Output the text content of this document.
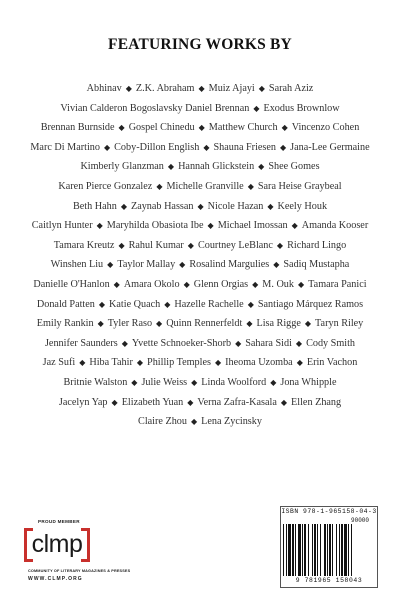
FEATURING WORKS BY
Abhinav ◆ Z.K. Abraham ◆ Muiz Ajayi ◆ Sarah Aziz
Vivian Calderon Bogoslavsky Daniel Brennan ◆ Exodus Brownlow
Brennan Burnside ◆ Gospel Chinedu ◆ Matthew Church ◆ Vincenzo Cohen
Marc Di Martino ◆ Coby-Dillon English ◆ Shauna Friesen ◆ Jana-Lee Germaine
Kimberly Glanzman ◆ Hannah Glickstein ◆ Shee Gomes
Karen Pierce Gonzalez ◆ Michelle Granville ◆ Sara Heise Graybeal
Beth Hahn ◆ Zaynab Hassan ◆ Nicole Hazan ◆ Keely Houk
Caitlyn Hunter ◆ Maryhilda Obasiota Ibe ◆ Michael Imossan ◆ Amanda Kooser
Tamara Kreutz ◆ Rahul Kumar ◆ Courtney LeBlanc ◆ Richard Lingo
Winshen Liu ◆ Taylor Mallay ◆ Rosalind Margulies ◆ Sadiq Mustapha
Danielle O'Hanlon ◆ Amara Okolo ◆ Glenn Orgias ◆ M. Ouk ◆ Tamara Panici
Donald Patten ◆ Katie Quach ◆ Hazelle Rachelle ◆ Santiago Márquez Ramos
Emily Rankin ◆ Tyler Raso ◆ Quinn Rennerfeldt ◆ Lisa Rigge ◆ Taryn Riley
Jennifer Saunders ◆ Yvette Schnoeker-Shorb ◆ Sahara Sidi ◆ Cody Smith
Jaz Sufi ◆ Hiba Tahir ◆ Phillip Temples ◆ Iheoma Uzomba ◆ Erin Vachon
Britnie Walston ◆ Julie Weiss ◆ Linda Woolford ◆ Jona Whipple
Jacelyn Yap ◆ Elizabeth Yuan ◆ Verna Zafra-Kasala ◆ Ellen Zhang
Claire Zhou ◆ Lena Zycinsky
PROUD MEMBER
clmp
COMMUNITY OF LITERARY MAGAZINES & PRESSES
WWW.CLMP.ORG
ISBN 978-1-965158-04-3
90000
9 781965 158043
